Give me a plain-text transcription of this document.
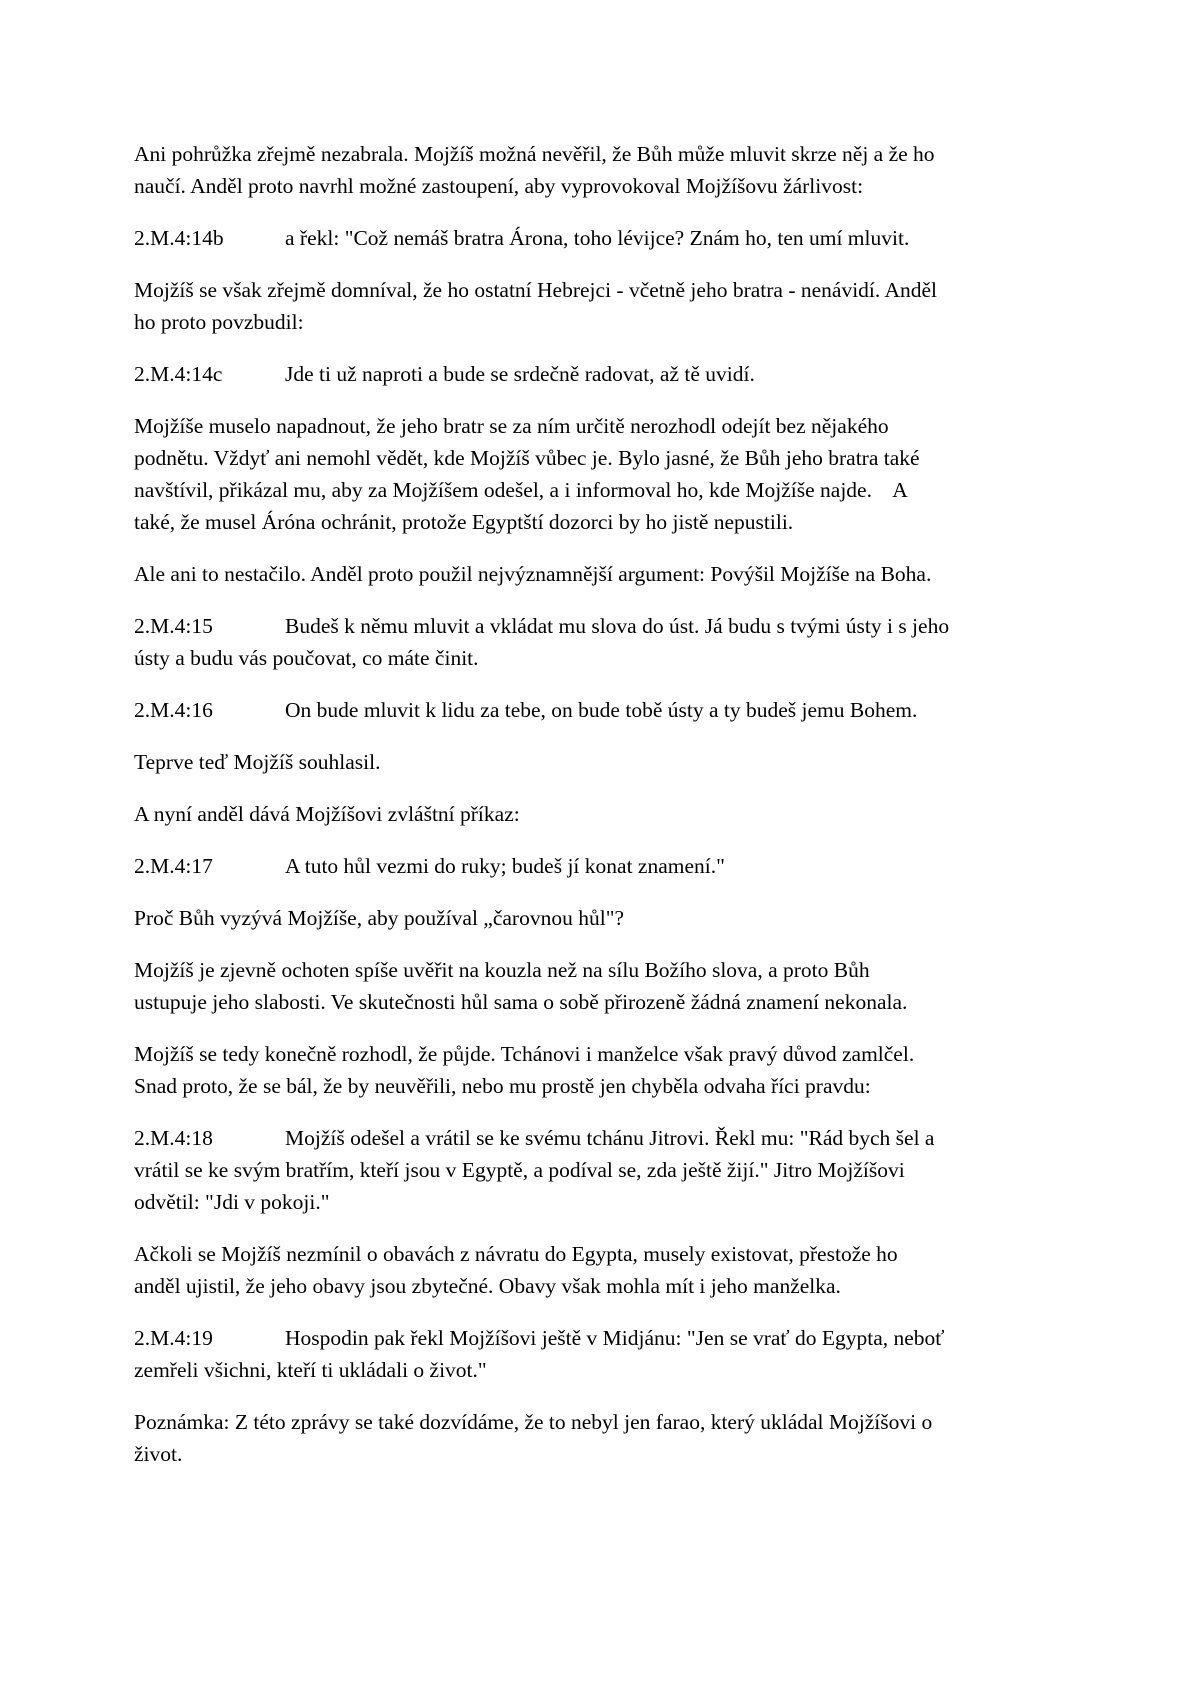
Ani pohrůžka zřejmě nezabrala. Mojžíš možná nevěřil, že Bůh může mluvit skrze něj a že ho
naučí. Anděl proto navrhl možné zastoupení, aby vyprovokoval Mojžíšovu žárlivost:
2.M.4:14b	a řekl: "Což nemáš bratra Árona, toho lévijce? Znám ho, ten umí mluvit.
Mojžíš se však zřejmě domníval, že ho ostatní Hebrejci - včetně jeho bratra - nenávidí. Anděl
ho proto povzbudil:
2.M.4:14c	Jde ti už naproti a bude se srdečně radovat, až tě uvidí.
Mojžíše muselo napadnout, že jeho bratr se za ním určitě nerozhodl odejít bez nějakého
podnětu. Vždyť ani nemohl vědět, kde Mojžíš vůbec je. Bylo jasné, že Bůh jeho bratra také
navštívil, přikázal mu, aby za Mojžíšem odešel, a i informoval ho, kde Mojžíše najde.    A
také, že musel Áróna ochránit, protože Egyptští dozorci by ho jistě nepustili.
Ale ani to nestačilo. Anděl proto použil nejvýznamnější argument: Povýšil Mojžíše na Boha.
2.M.4:15	Budeš k němu mluvit a vkládat mu slova do úst. Já budu s tvými ústy i s jeho
ústy a budu vás poučovat, co máte činit.
2.M.4:16	On bude mluvit k lidu za tebe, on bude tobě ústy a ty budeš jemu Bohem.
Teprve teď Mojžíš souhlasil.
A nyní anděl dává Mojžíšovi zvláštní příkaz:
2.M.4:17	A tuto hůl vezmi do ruky; budeš jí konat znamení."
Proč Bůh vyzývá Mojžíše, aby používal „čarovnou hůl"?
Mojžíš je zjevně ochoten spíše uvěřit na kouzla než na sílu Božího slova, a proto Bůh
ustupuje jeho slabosti. Ve skutečnosti hůl sama o sobě přirozeně žádná znamení nekonala.
Mojžíš se tedy konečně rozhodl, že půjde. Tchánovi i manželce však pravý důvod zamlčel.
Snad proto, že se bál, že by neuvěřili, nebo mu prostě jen chyběla odvaha říci pravdu:
2.M.4:18	Mojžíš odešel a vrátil se ke svému tchánu Jitrovi. Řekl mu: "Rád bych šel a
vrátil se ke svým bratřím, kteří jsou v Egyptě, a podíval se, zda ještě žijí." Jitro Mojžíšovi
odvětil: "Jdi v pokoji."
Ačkoli se Mojžíš nezmínil o obavách z návratu do Egypta, musely existovat, přestože ho
anděl ujistil, že jeho obavy jsou zbytečné. Obavy však mohla mít i jeho manželka.
2.M.4:19	Hospodin pak řekl Mojžíšovi ještě v Midjánu: "Jen se vrať do Egypta, neboť
zemřeli všichni, kteří ti ukládali o život."
Poznámka: Z této zprávy se také dozvídáme, že to nebyl jen farao, který ukládal Mojžíšovi o
život.
